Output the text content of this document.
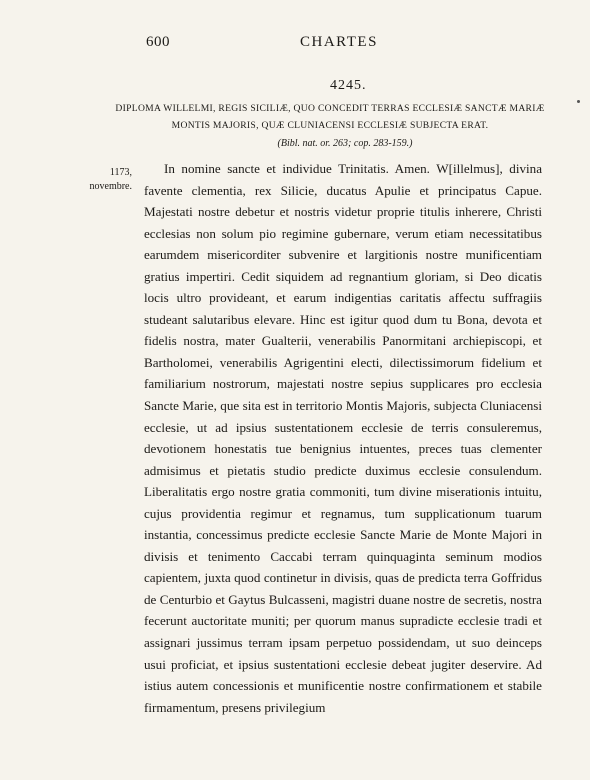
600	CHARTES
4245.
DIPLOMA WILLELMI, REGIS SICILIÆ, QUO CONCEDIT TERRAS ECCLESIÆ SANCTÆ MARIÆ MONTIS MAJORIS, QUÆ CLUNIACENSI ECCLESIÆ SUBJECTA ERAT.
(Bibl. nat. or. 263; cop. 283-159.)
1173,
novembre.

In nomine sancte et individue Trinitatis. Amen. W[illelmus], divina favente clementia, rex Silicie, ducatus Apulie et principatus Capue. Majestati nostre debetur et nostris videtur proprie titulis inherere, Christi ecclesias non solum pio regimine gubernare, verum etiam necessitatibus earumdem misericorditer subvenire et largitionis nostre munificentiam gratius impertiri. Cedit siquidem ad regnantium gloriam, si Deo dicatis locis ultro provideant, et earum indigentias caritatis affectu suffragiis studeant salutaribus elevare. Hinc est igitur quod dum tu Bona, devota et fidelis nostra, mater Gualterii, venerabilis Panormitani archiepiscopi, et Bartholomei, venerabilis Agrigentini electi, dilectissimorum fidelium et familiarium nostrorum, majestati nostre sepius supplicares pro ecclesia Sancte Marie, que sita est in territorio Montis Majoris, subjecta Cluniacensi ecclesie, ut ad ipsius sustentationem ecclesie de terris consuleremus, devotionem honestatis tue benignius intuentes, preces tuas clementer admisimus et pietatis studio predicte duximus ecclesie consulendum. Liberalitatis ergo nostre gratia commoniti, tum divine miserationis intuitu, cujus providentia regimur et regnamus, tum supplicationum tuarum instantia, concessimus predicte ecclesie Sancte Marie de Monte Majori in divisis et tenimento Caccabi terram quinquaginta seminum modios capientem, juxta quod continetur in divisis, quas de predicta terra Goffridus de Centurbio et Gaytus Bulcasseni, magistri duane nostre de secretis, nostra fecerunt auctoritate muniti; per quorum manus supradicte ecclesie tradi et assignari jussimus terram ipsam perpetuo possidendam, ut suo deinceps usui proficiat, et ipsius sustentationi ecclesie debeat jugiter deservire. Ad istius autem concessionis et munificentie nostre confirmationem et stabile firmamentum, presens privilegium
